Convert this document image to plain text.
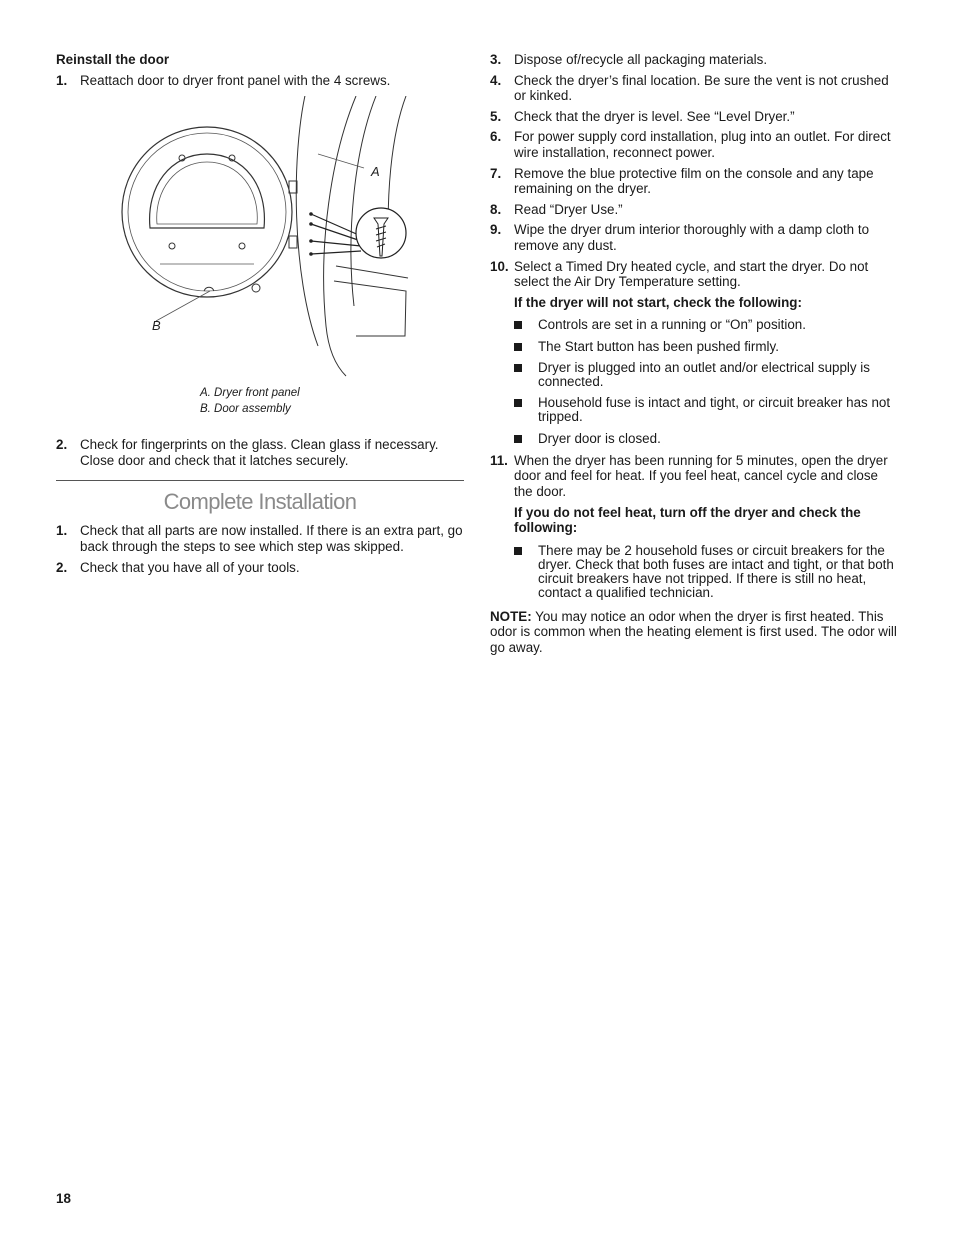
Reinstall the door
1. Reattach door to dryer front panel with the 4 screws.
A
B
A. Dryer front panel
B. Door assembly
2. Check for fingerprints on the glass. Clean glass if necessary. Close door and check that it latches securely.
Complete Installation
1. Check that all parts are now installed. If there is an extra part, go back through the steps to see which step was skipped.
2. Check that you have all of your tools.
3. Dispose of/recycle all packaging materials.
4. Check the dryer’s final location. Be sure the vent is not crushed or kinked.
5. Check that the dryer is level. See “Level Dryer.”
6. For power supply cord installation, plug into an outlet. For direct wire installation, reconnect power.
7. Remove the blue protective film on the console and any tape remaining on the dryer.
8. Read “Dryer Use.”
9. Wipe the dryer drum interior thoroughly with a damp cloth to remove any dust.
10. Select a Timed Dry heated cycle, and start the dryer. Do not select the Air Dry Temperature setting.
If the dryer will not start, check the following:
Controls are set in a running or “On” position.
The Start button has been pushed firmly.
Dryer is plugged into an outlet and/or electrical supply is connected.
Household fuse is intact and tight, or circuit breaker has not tripped.
Dryer door is closed.
11. When the dryer has been running for 5 minutes, open the dryer door and feel for heat. If you feel heat, cancel cycle and close the door.
If you do not feel heat, turn off the dryer and check the following:
There may be 2 household fuses or circuit breakers for the dryer. Check that both fuses are intact and tight, or that both circuit breakers have not tripped. If there is still no heat, contact a qualified technician.
NOTE: You may notice an odor when the dryer is first heated. This odor is common when the heating element is first used. The odor will go away.
18
